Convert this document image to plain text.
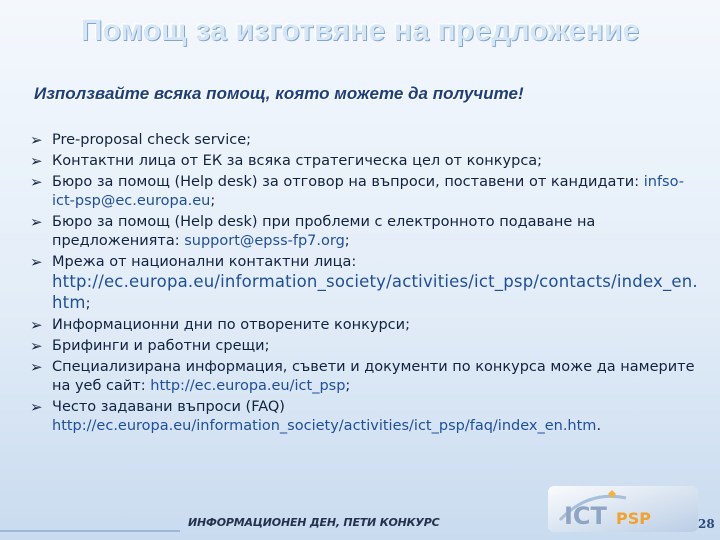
Помощ за изготвяне на предложение
Използвайте всяка помощ, която можете да получите!
➢ Pre-proposal check service;
➢ Контактни лица от ЕК за всяка стратегическа цел от конкурса;
➢ Бюро за помощ (Help desk) за отговор на въпроси, поставени от кандидати: infso-ict-psp@ec.europa.eu;
➢ Бюро за помощ (Help desk) при проблеми с електронното подаване на предложенията: support@epss-fp7.org;
➢ Мрежа от национални контактни лица:
http://ec.europa.eu/information_society/activities/ict_psp/contacts/index_en.htm;
➢ Информационни дни по отворените конкурси;
➢ Брифинги и работни срещи;
➢ Специализирана информация, съвети и документи по конкурса може да намерите на уеб сайт: http://ec.europa.eu/ict_psp;
➢ Често задавани въпроси (FAQ)
http://ec.europa.eu/information_society/activities/ict_psp/faq/index_en.htm.
ИНФОРМАЦИОНЕН ДЕН, ПЕТИ КОНКУРС	ICT PSP	28
